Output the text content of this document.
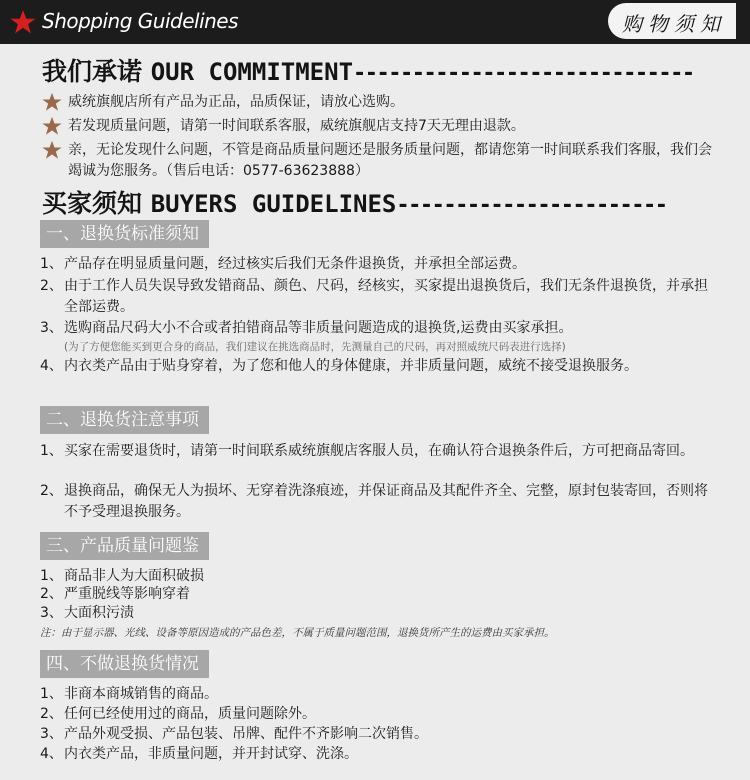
Shopping Guidelines	购物须知
我们承诺 OUR COMMITMENT-----------------------------
威统旗舰店所有产品为正品，品质保证，请放心选购。
若发现质量问题，请第一时间联系客服，威统旗舰店支持7天无理由退款。
亲，无论发现什么问题，不管是商品质量问题还是服务质量问题，都请您第一时间联系我们客服，我们会竭诚为您服务。（售后电话：0577-63623888）
买家须知 BUYERS GUIDELINES-----------------------
一、退换货标准须知
1、 产品存在明显质量问题，经过核实后我们无条件退换货，并承担全部运费。
2、 由于工作人员失误导致发错商品、颜色、尺码，经核实，买家提出退换货后，我们无条件退换货，并承担全部运费。
3、 选购商品尺码大小不合或者拍错商品等非质量问题造成的退换货,运费由买家承担。
(为了方便您能买到更合身的商品，我们建议在挑选商品时，先测量自己的尺码，再对照威统尺码表进行选择)
4、 内衣类产品由于贴身穿着，为了您和他人的身体健康，并非质量问题，威统不接受退换服务。
二、退换货注意事项
1、 买家在需要退货时，请第一时间联系威统旗舰店客服人员，在确认符合退换条件后，方可把商品寄回。
2、 退换商品，确保无人为损坏、无穿着洗涤痕迹，并保证商品及其配件齐全、完整，原封包装寄回，否则将不予受理退换服务。
三、产品质量问题鉴
1、 商品非人为大面积破损
2、 严重脱线等影响穿着
3、 大面积污渍
注：由于显示器、光线、设备等原因造成的产品色差，不属于质量问题范围，退换货所产生的运费由买家承担。
四、不做退换货情况
1、 非商本商城销售的商品。
2、 任何已经使用过的商品，质量问题除外。
3、 产品外观受损、产品包装、吊牌、配件不齐影响二次销售。
4、 内衣类产品，非质量问题，并开封试穿、洗涤。
